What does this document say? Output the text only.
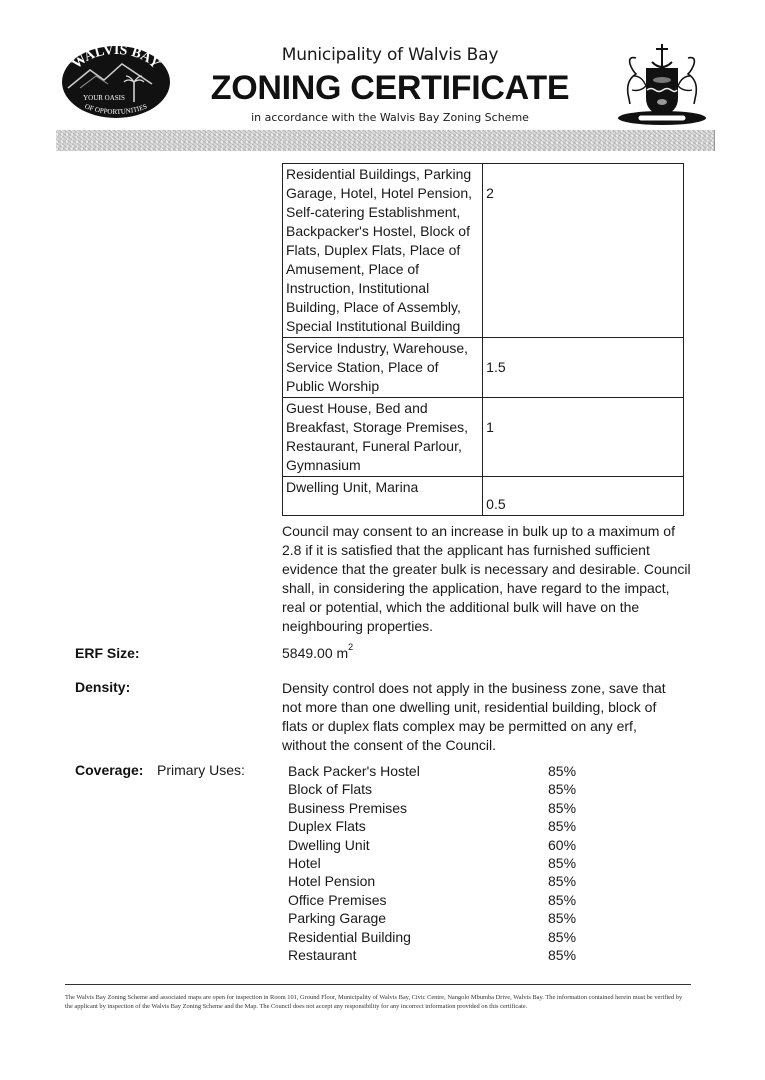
WALVIS BAY
YOUR OASIS
OF OPPORTUNITIES
Municipality of Walvis Bay
ZONING CERTIFICATE
in accordance with the Walvis Bay Zoning Scheme
Residential Buildings, Parking Garage, Hotel, Hotel Pension, Self-catering Establishment, Backpacker's Hostel, Block of Flats, Duplex Flats, Place of Amusement, Place of Instruction, Institutional Building, Place of Assembly, Special Institutional Building	2

Service Industry, Warehouse, Service Station, Place of Public Worship	1.5

Guest House, Bed and Breakfast, Storage Premises, Restaurant, Funeral Parlour, Gymnasium	1

Dwelling Unit, Marina	0.5
Council may consent to an increase in bulk up to a maximum of 2.8 if it is satisfied that the applicant has furnished sufficient evidence that the greater bulk is necessary and desirable. Council shall, in considering the application, have regard to the impact, real or potential, which the additional bulk will have on the neighbouring properties.
ERF Size:	5849.00 $m^2$
Density:	Density control does not apply in the business zone, save that not more than one dwelling unit, residential building, block of flats or duplex flats complex may be permitted on any erf, without the consent of the Council.
Coverage: Primary Uses:	Back Packer's Hostel	85%
Block of Flats	85%
Business Premises	85%
Duplex Flats	85%
Dwelling Unit	60%
Hotel	85%
Hotel Pension	85%
Office Premises	85%
Parking Garage	85%
Residential Building	85%
Restaurant	85%
The Walvis Bay Zoning Scheme and associated maps are open for inspection in Room 101, Ground Floor, Municipality of Walvis Bay, Civic Centre, Nangolo Mbumba Drive, Walvis Bay. The information contained herein must be verified by the applicant by inspection of the Walvis Bay Zoning Scheme and the Map. The Council does not accept any responsibility for any incorrect information provided on this certificate.
